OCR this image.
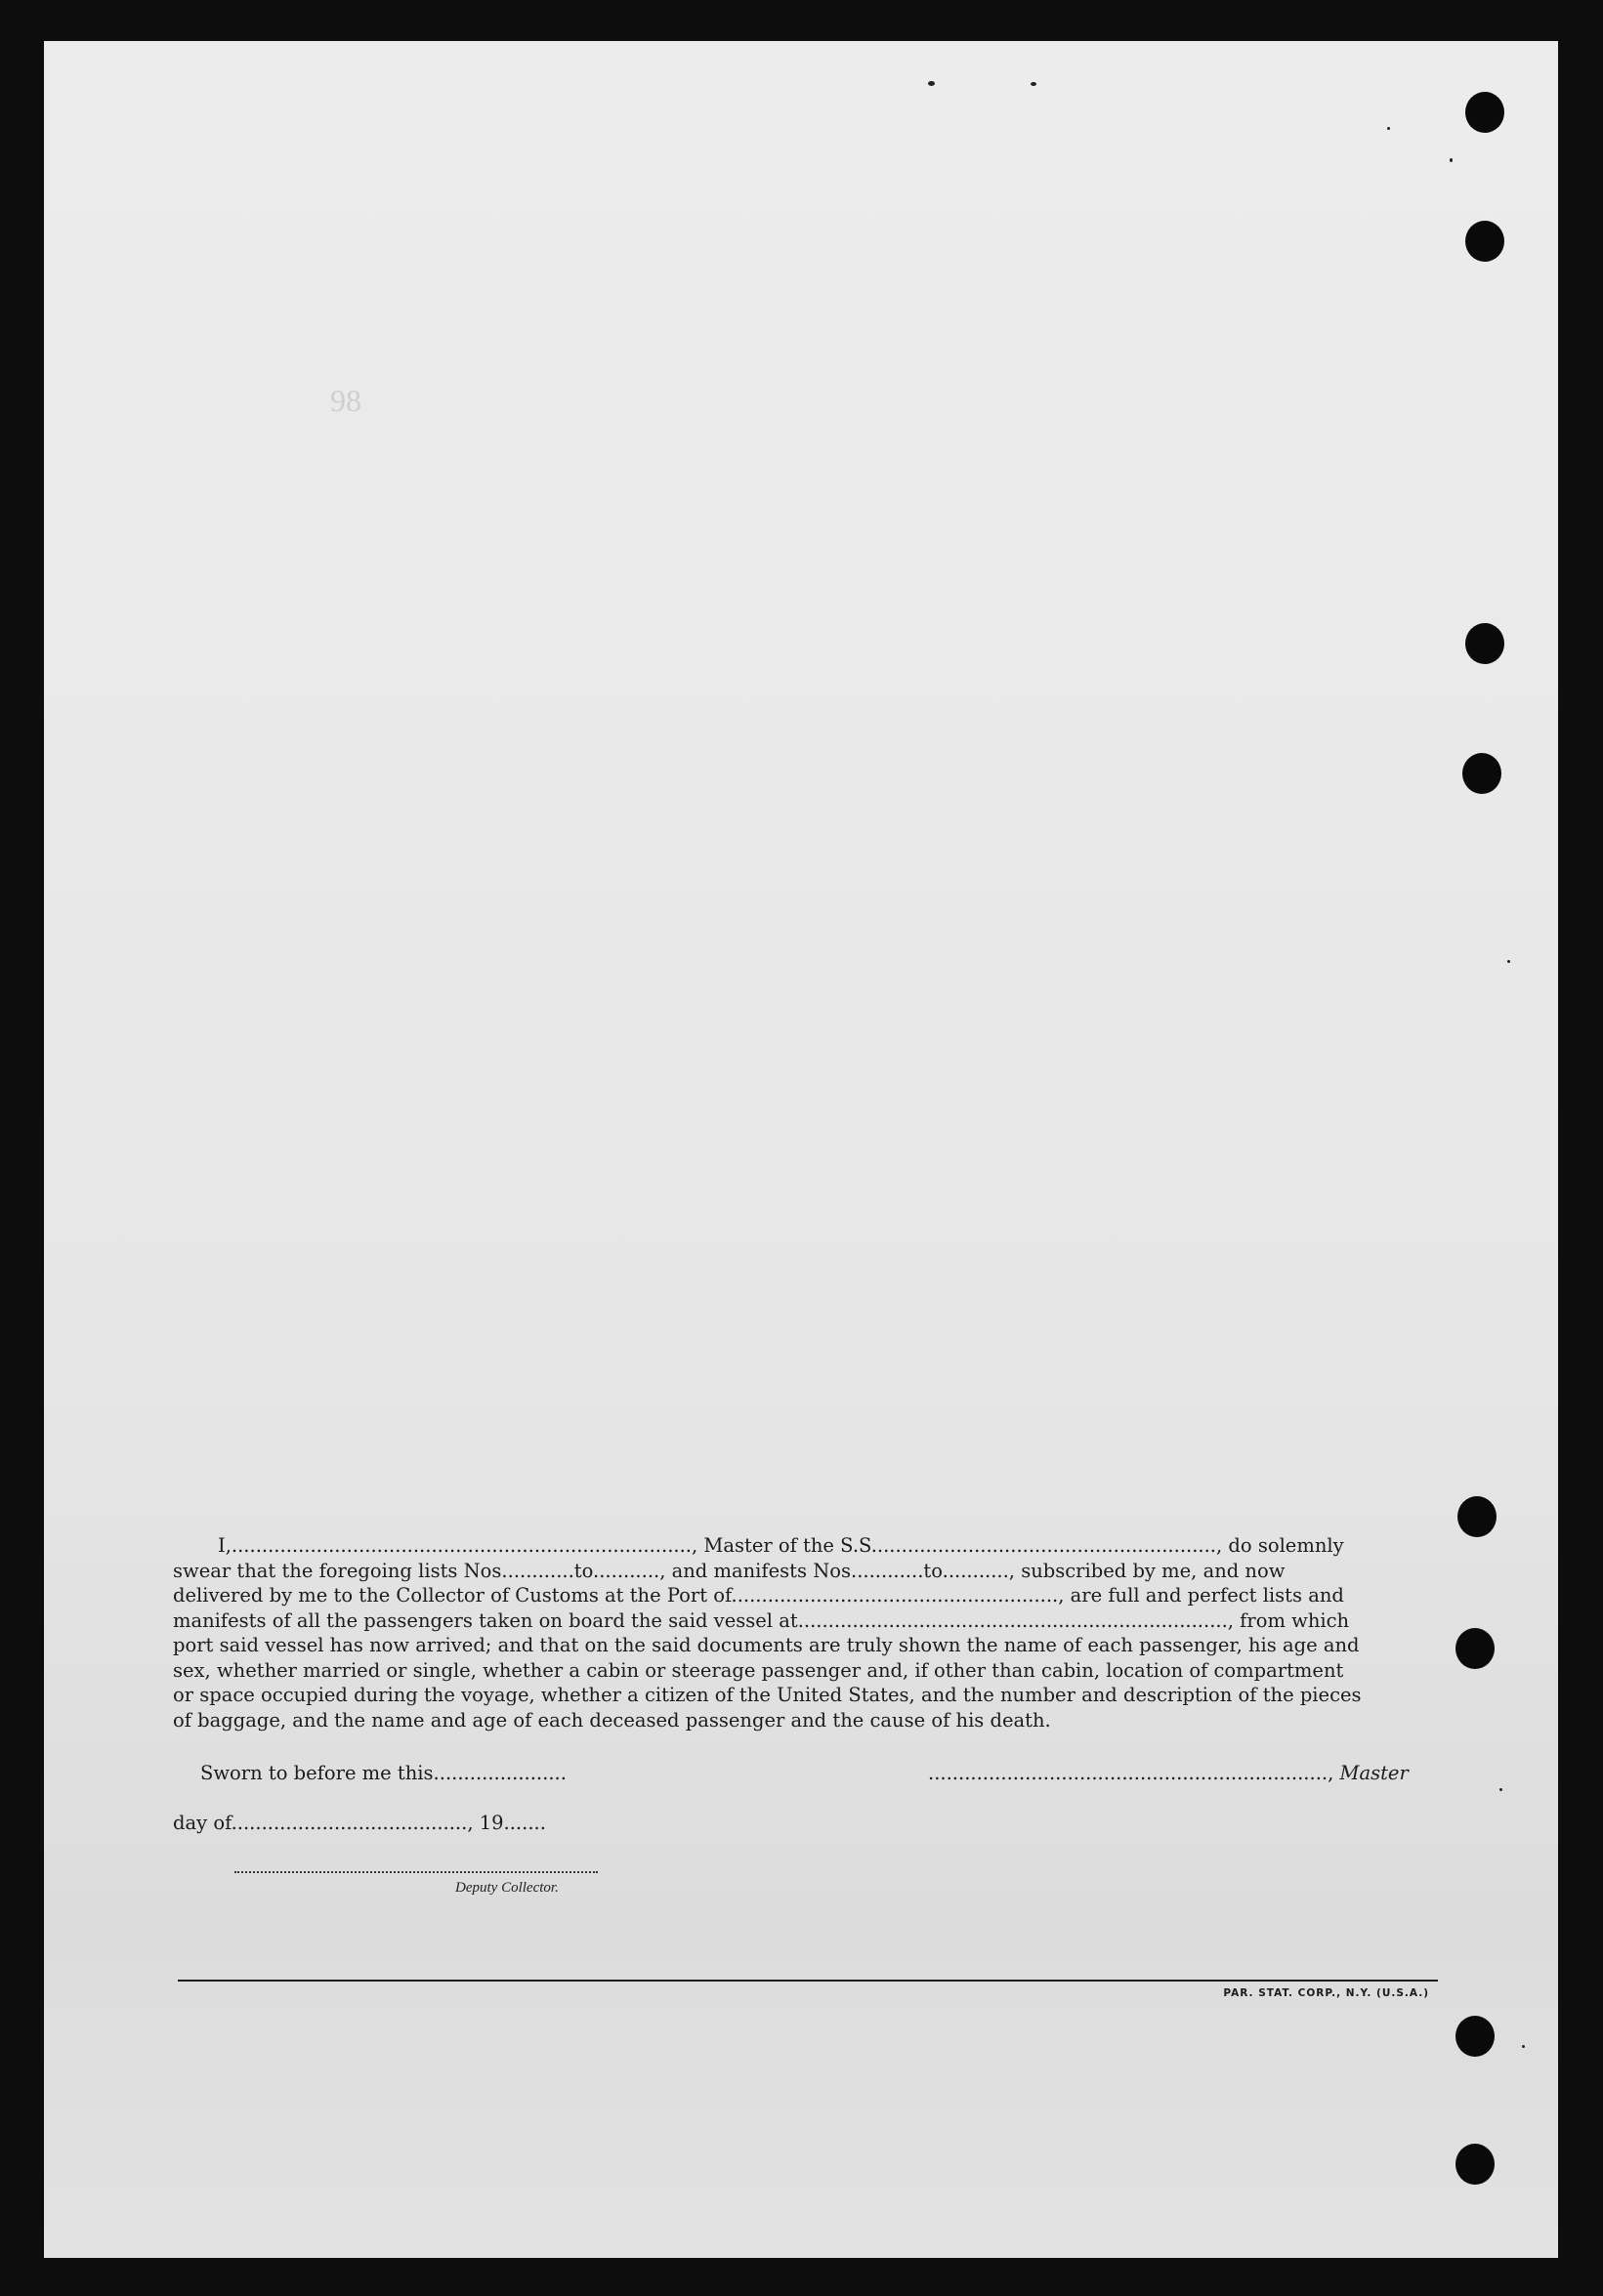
98

I,............................................................................, Master of the S.S........................................................., do solemnly

swear that the foregoing lists Nos............to..........., and manifests Nos............to..........., subscribed by me, and now

delivered by me to the Collector of Customs at the Port of......................................................, are full and perfect lists and

manifests of all the passengers taken on board the said vessel at......................................................................., from which

port said vessel has now arrived; and that on the said documents are truly shown the name of each passenger, his age and

sex, whether married or single, whether a cabin or steerage passenger and, if other than cabin, location of compartment

or space occupied during the voyage, whether a citizen of the United States, and the number and description of the pieces

of baggage, and the name and age of each deceased passenger and the cause of his death.

Sworn to before me this......................	.................................................................., Master
day of......................................., 19.......
Deputy Collector.
PAR. STAT. CORP., N.Y. (U.S.A.)
